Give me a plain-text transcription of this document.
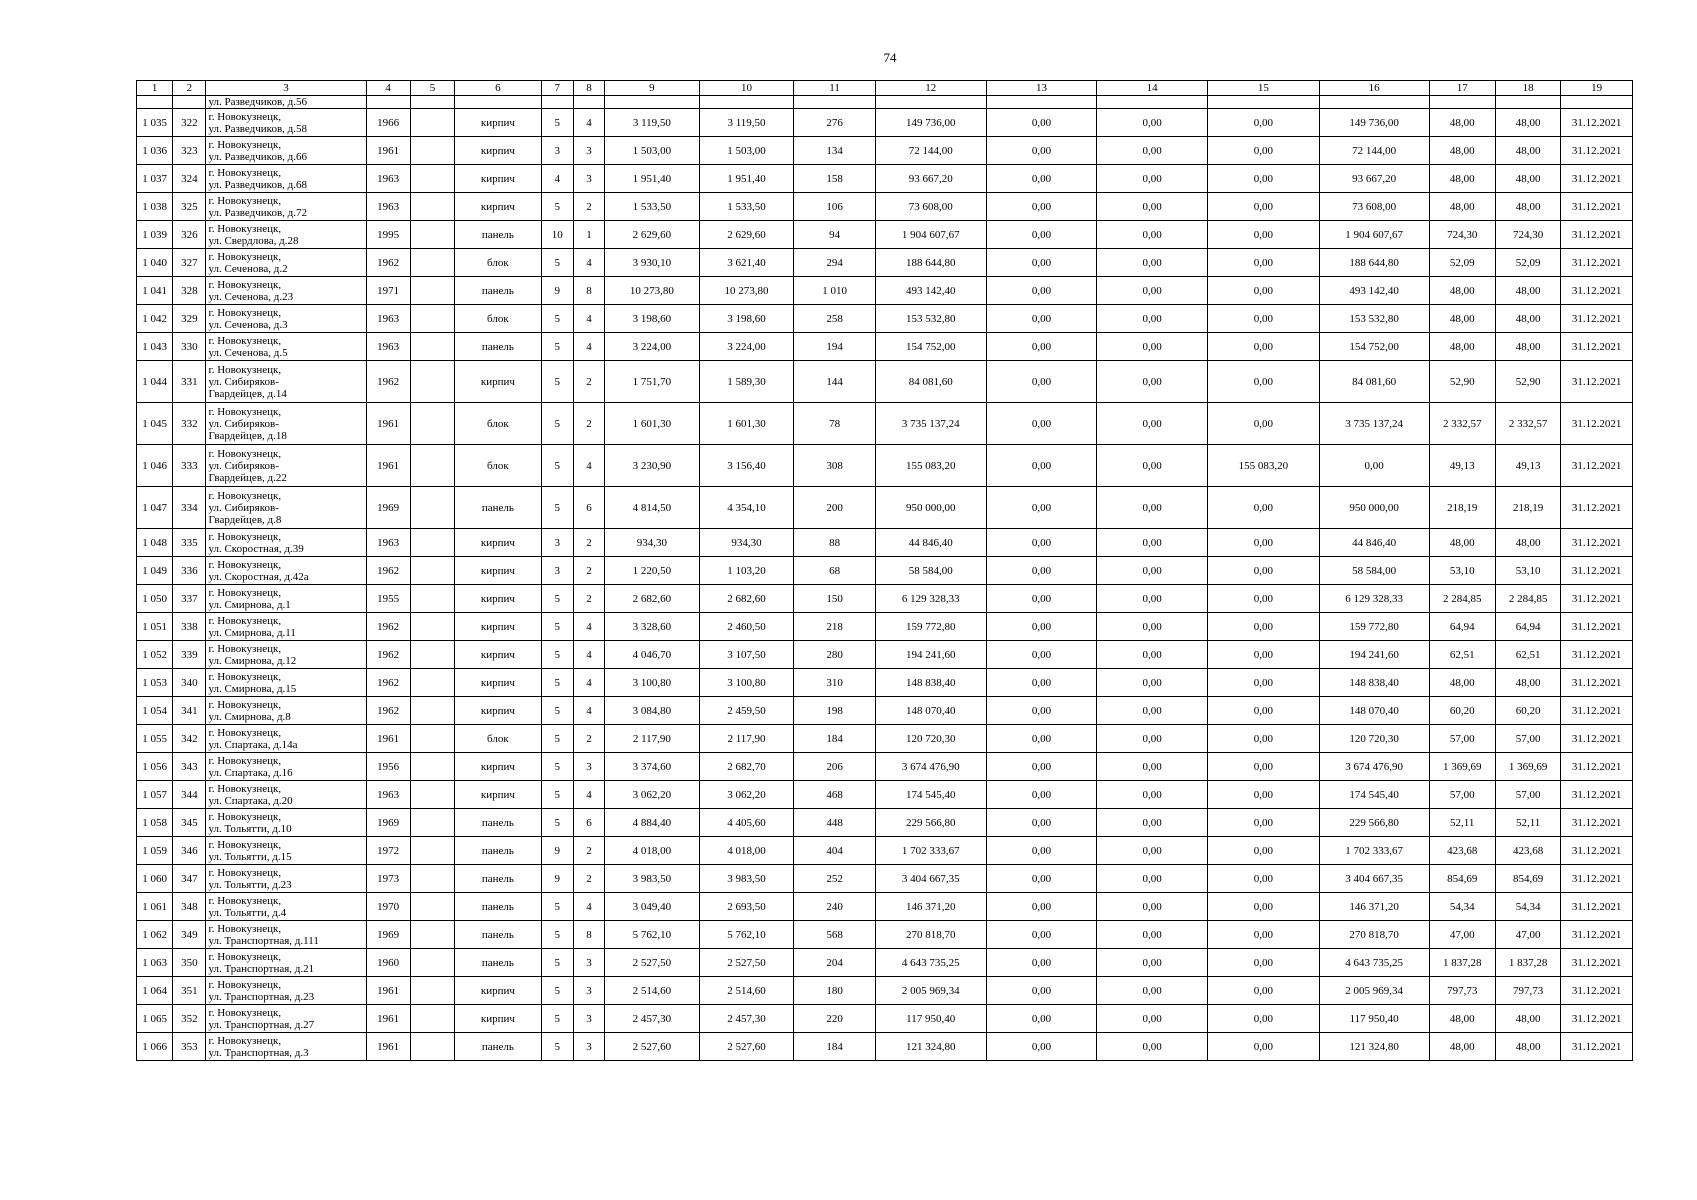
74
1	2	3	4	5	6	7	8	9	10	11	12	13	14	15	16	17	18	19
		ул. Разведчиков, д.56																
1 035	322	г. Новокузнецк,
ул. Разведчиков, д.58	1966		кирпич	5	4	3 119,50	3 119,50	276	149 736,00	0,00	0,00	0,00	149 736,00	48,00	48,00	31.12.2021
1 036	323	г. Новокузнецк,
ул. Разведчиков, д.66	1961		кирпич	3	3	1 503,00	1 503,00	134	72 144,00	0,00	0,00	0,00	72 144,00	48,00	48,00	31.12.2021
1 037	324	г. Новокузнецк,
ул. Разведчиков, д.68	1963		кирпич	4	3	1 951,40	1 951,40	158	93 667,20	0,00	0,00	0,00	93 667,20	48,00	48,00	31.12.2021
1 038	325	г. Новокузнецк,
ул. Разведчиков, д.72	1963		кирпич	5	2	1 533,50	1 533,50	106	73 608,00	0,00	0,00	0,00	73 608,00	48,00	48,00	31.12.2021
1 039	326	г. Новокузнецк,
ул. Свердлова, д.28	1995		панель	10	1	2 629,60	2 629,60	94	1 904 607,67	0,00	0,00	0,00	1 904 607,67	724,30	724,30	31.12.2021
1 040	327	г. Новокузнецк,
ул. Сеченова, д.2	1962		блок	5	4	3 930,10	3 621,40	294	188 644,80	0,00	0,00	0,00	188 644,80	52,09	52,09	31.12.2021
1 041	328	г. Новокузнецк,
ул. Сеченова, д.23	1971		панель	9	8	10 273,80	10 273,80	1 010	493 142,40	0,00	0,00	0,00	493 142,40	48,00	48,00	31.12.2021
1 042	329	г. Новокузнецк,
ул. Сеченова, д.3	1963		блок	5	4	3 198,60	3 198,60	258	153 532,80	0,00	0,00	0,00	153 532,80	48,00	48,00	31.12.2021
1 043	330	г. Новокузнецк,
ул. Сеченова, д.5	1963		панель	5	4	3 224,00	3 224,00	194	154 752,00	0,00	0,00	0,00	154 752,00	48,00	48,00	31.12.2021
1 044	331	г. Новокузнецк,
ул. Сибиряков-
Гвардейцев, д.14	1962		кирпич	5	2	1 751,70	1 589,30	144	84 081,60	0,00	0,00	0,00	84 081,60	52,90	52,90	31.12.2021
1 045	332	г. Новокузнецк,
ул. Сибиряков-
Гвардейцев, д.18	1961		блок	5	2	1 601,30	1 601,30	78	3 735 137,24	0,00	0,00	0,00	3 735 137,24	2 332,57	2 332,57	31.12.2021
1 046	333	г. Новокузнецк,
ул. Сибиряков-
Гвардейцев, д.22	1961		блок	5	4	3 230,90	3 156,40	308	155 083,20	0,00	0,00	155 083,20	0,00	49,13	49,13	31.12.2021
1 047	334	г. Новокузнецк,
ул. Сибиряков-
Гвардейцев, д.8	1969		панель	5	6	4 814,50	4 354,10	200	950 000,00	0,00	0,00	0,00	950 000,00	218,19	218,19	31.12.2021
1 048	335	г. Новокузнецк,
ул. Скоростная, д.39	1963		кирпич	3	2	934,30	934,30	88	44 846,40	0,00	0,00	0,00	44 846,40	48,00	48,00	31.12.2021
1 049	336	г. Новокузнецк,
ул. Скоростная, д.42а	1962		кирпич	3	2	1 220,50	1 103,20	68	58 584,00	0,00	0,00	0,00	58 584,00	53,10	53,10	31.12.2021
1 050	337	г. Новокузнецк,
ул. Смирнова, д.1	1955		кирпич	5	2	2 682,60	2 682,60	150	6 129 328,33	0,00	0,00	0,00	6 129 328,33	2 284,85	2 284,85	31.12.2021
1 051	338	г. Новокузнецк,
ул. Смирнова, д.11	1962		кирпич	5	4	3 328,60	2 460,50	218	159 772,80	0,00	0,00	0,00	159 772,80	64,94	64,94	31.12.2021
1 052	339	г. Новокузнецк,
ул. Смирнова, д.12	1962		кирпич	5	4	4 046,70	3 107,50	280	194 241,60	0,00	0,00	0,00	194 241,60	62,51	62,51	31.12.2021
1 053	340	г. Новокузнецк,
ул. Смирнова, д.15	1962		кирпич	5	4	3 100,80	3 100,80	310	148 838,40	0,00	0,00	0,00	148 838,40	48,00	48,00	31.12.2021
1 054	341	г. Новокузнецк,
ул. Смирнова, д.8	1962		кирпич	5	4	3 084,80	2 459,50	198	148 070,40	0,00	0,00	0,00	148 070,40	60,20	60,20	31.12.2021
1 055	342	г. Новокузнецк,
ул. Спартака, д.14а	1961		блок	5	2	2 117,90	2 117,90	184	120 720,30	0,00	0,00	0,00	120 720,30	57,00	57,00	31.12.2021
1 056	343	г. Новокузнецк,
ул. Спартака, д.16	1956		кирпич	5	3	3 374,60	2 682,70	206	3 674 476,90	0,00	0,00	0,00	3 674 476,90	1 369,69	1 369,69	31.12.2021
1 057	344	г. Новокузнецк,
ул. Спартака, д.20	1963		кирпич	5	4	3 062,20	3 062,20	468	174 545,40	0,00	0,00	0,00	174 545,40	57,00	57,00	31.12.2021
1 058	345	г. Новокузнецк,
ул. Тольятти, д.10	1969		панель	5	6	4 884,40	4 405,60	448	229 566,80	0,00	0,00	0,00	229 566,80	52,11	52,11	31.12.2021
1 059	346	г. Новокузнецк,
ул. Тольятти, д.15	1972		панель	9	2	4 018,00	4 018,00	404	1 702 333,67	0,00	0,00	0,00	1 702 333,67	423,68	423,68	31.12.2021
1 060	347	г. Новокузнецк,
ул. Тольятти, д.23	1973		панель	9	2	3 983,50	3 983,50	252	3 404 667,35	0,00	0,00	0,00	3 404 667,35	854,69	854,69	31.12.2021
1 061	348	г. Новокузнецк,
ул. Тольятти, д.4	1970		панель	5	4	3 049,40	2 693,50	240	146 371,20	0,00	0,00	0,00	146 371,20	54,34	54,34	31.12.2021
1 062	349	г. Новокузнецк,
ул. Транспортная, д.111	1969		панель	5	8	5 762,10	5 762,10	568	270 818,70	0,00	0,00	0,00	270 818,70	47,00	47,00	31.12.2021
1 063	350	г. Новокузнецк,
ул. Транспортная, д.21	1960		панель	5	3	2 527,50	2 527,50	204	4 643 735,25	0,00	0,00	0,00	4 643 735,25	1 837,28	1 837,28	31.12.2021
1 064	351	г. Новокузнецк,
ул. Транспортная, д.23	1961		кирпич	5	3	2 514,60	2 514,60	180	2 005 969,34	0,00	0,00	0,00	2 005 969,34	797,73	797,73	31.12.2021
1 065	352	г. Новокузнецк,
ул. Транспортная, д.27	1961		кирпич	5	3	2 457,30	2 457,30	220	117 950,40	0,00	0,00	0,00	117 950,40	48,00	48,00	31.12.2021
1 066	353	г. Новокузнецк,
ул. Транспортная, д.3	1961		панель	5	3	2 527,60	2 527,60	184	121 324,80	0,00	0,00	0,00	121 324,80	48,00	48,00	31.12.2021
